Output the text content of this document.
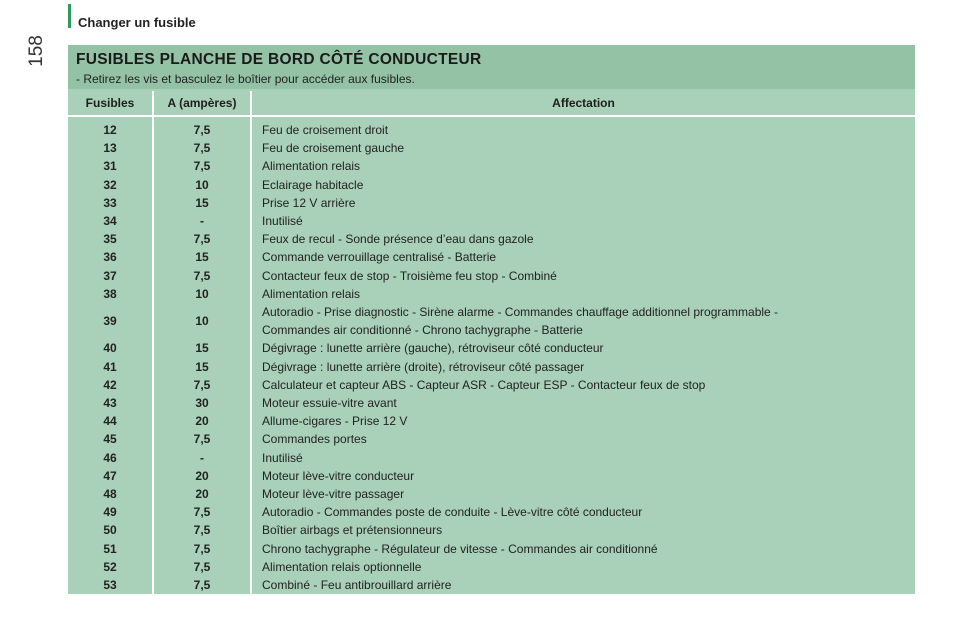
Changer un fusible
158 FUSIBLES PLANCHE DE BORD CÔTÉ CONDUCTEUR
- Retirez les vis et basculez le boîtier pour accéder aux fusibles.
Fusibles	A (ampères)	Affectation
12	7,5	Feu de croisement droit

13	7,5	Feu de croisement gauche

31	7,5	Alimentation relais

32	10	Eclairage habitacle

33	15	Prise 12 V arrière

34	-	Inutilisé

35	7,5	Feux de recul - Sonde présence d’eau dans gazole

36	15	Commande verrouillage centralisé - Batterie

37	7,5	Contacteur feux de stop - Troisième feu stop - Combiné

38	10	Alimentation relais

39	10	Autoradio - Prise diagnostic - Sirène alarme - Commandes chauffage additionnel programmable -
Commandes air conditionné - Chrono tachygraphe - Batterie

40	15	Dégivrage : lunette arrière (gauche), rétroviseur côté conducteur

41	15	Dégivrage : lunette arrière (droite), rétroviseur côté passager

42	7,5	Calculateur et capteur ABS - Capteur ASR - Capteur ESP - Contacteur feux de stop

43	30	Moteur essuie-vitre avant

44	20	Allume-cigares - Prise 12 V

45	7,5	Commandes portes

46	-	Inutilisé

47	20	Moteur lève-vitre conducteur

48	20	Moteur lève-vitre passager

49	7,5	Autoradio - Commandes poste de conduite - Lève-vitre côté conducteur

50	7,5	Boîtier airbags et prétensionneurs

51	7,5	Chrono tachygraphe - Régulateur de vitesse - Commandes air conditionné

52	7,5	Alimentation relais optionnelle

53	7,5	Combiné - Feu antibrouillard arrière
